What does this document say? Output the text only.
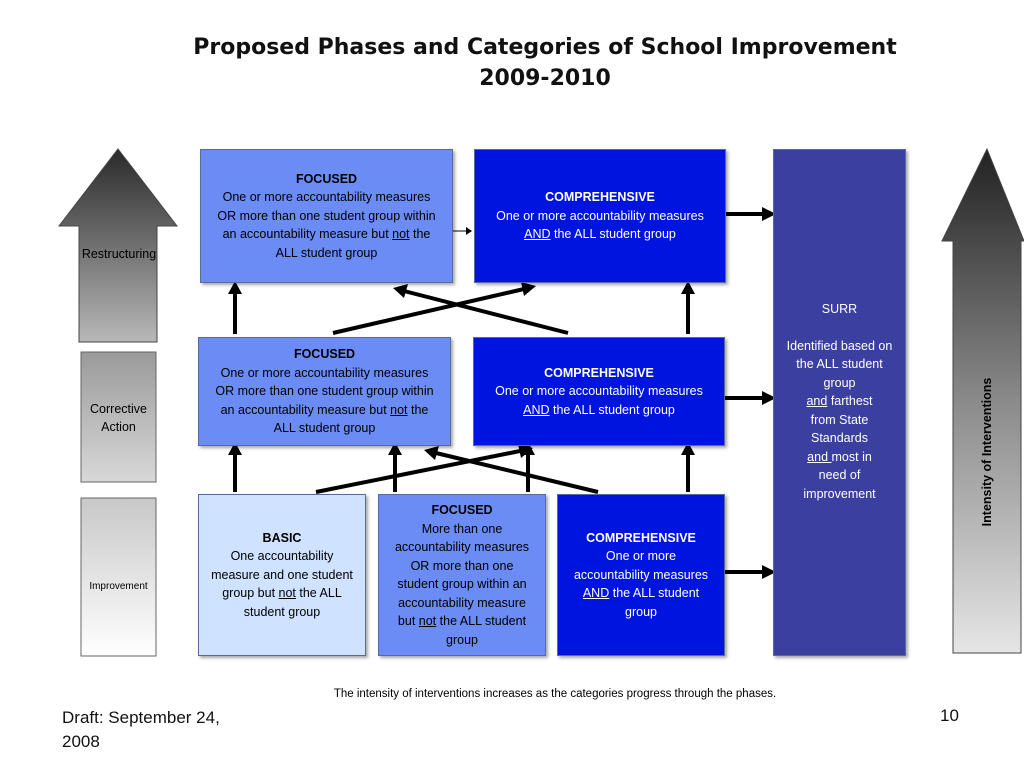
Proposed Phases and Categories of School Improvement
2009-2010
Restructuring
Corrective
Action
Improvement
FOCUSED
One or more accountability measures
OR more than one student group within
an accountability measure but not the
ALL student group
COMPREHENSIVE
One or more accountability measures
AND the ALL student group
FOCUSED
One or more accountability measures
OR more than one student group within
an accountability measure but not the
ALL student group
COMPREHENSIVE
One or more accountability measures
AND the ALL student group
BASIC
One accountability
measure and one student
group but not the ALL
student group
FOCUSED
More than one
accountability measures
OR more than one
student group within an
accountability measure
but not the ALL student
group
COMPREHENSIVE
One or more
accountability measures
AND the ALL student
group
SURR
Identified based on
the ALL student
group
and farthest
from State
Standards
and most in
need of
improvement	Intensity of Interventions
The intensity of interventions increases as the categories progress through the phases.
Draft: September 24,
2008
10
